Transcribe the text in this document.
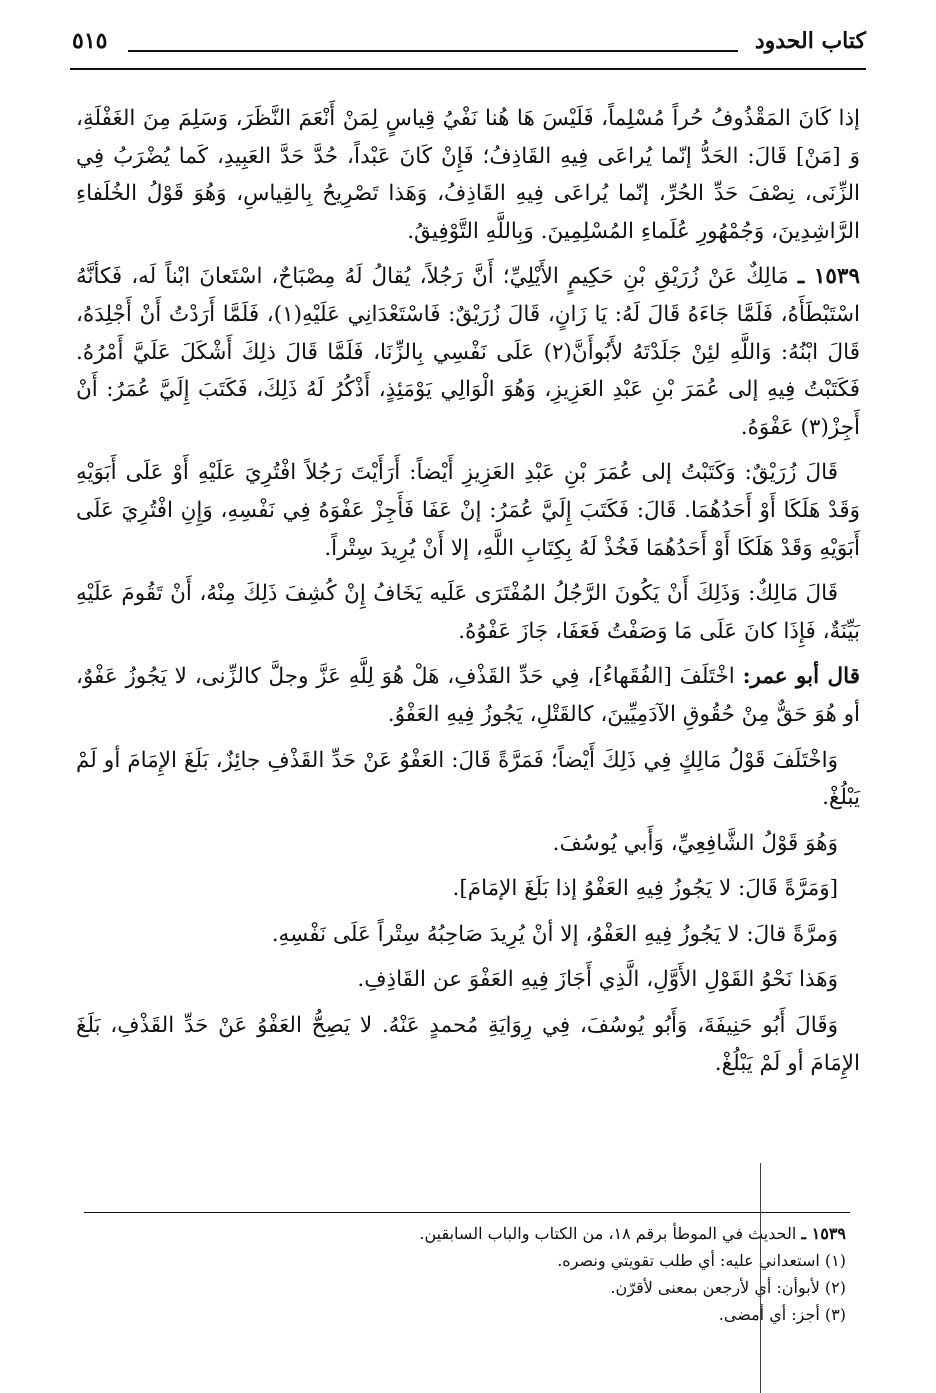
كتاب الحدود
٥١٥

إذا كَانَ المَقْذُوفُ حُراً مُسْلِماً، فَلَيْسَ هَا هُنا نَفْيُ قِياسٍ لِمَنْ أَنْعَمَ النَّظَرَ، وَسَلِمَ مِنَ الغَفْلَةِ، وَ [مَنْ] قَالَ: الحَدُّ إنّما يُراعَى فِيهِ القَاذِفُ؛ فَإِنْ كَانَ عَبْداً، حُدَّ حَدَّ العَبِيدِ، كَما يُضْرَبُ فِي الزِّنَى، نِصْفَ حَدِّ الحُرِّ، إنّما يُراعَى فِيهِ القَاذِفُ، وَهَذا تَصْرِيحُ بِالقِياسِ، وَهُوَ قَوْلُ الخُلَفاءِ الرَّاشِدِينَ، وَجُمْهُورِ عُلَماءِ المُسْلِمِينَ. وَبِاللَّهِ التَّوْفِيقُ.

١٥٣٩ ـ مَالِكٌ عَنْ زُرَيْقِ بْنِ حَكِيمٍ الأَيْلِيِّ؛ أَنَّ رَجُلاً، يُقالُ لَهُ مِصْبَاحٌ، اسْتَعانَ ابْناً لَه، فَكأنَّهُ اسْتَبْطَأَهُ، فَلَمَّا جَاءَهُ قَالَ لَهُ: يَا زَانٍ، قَالَ زُرَيْقٌ: فَاسْتَعْدَانِي عَلَيْهِ(١)، فَلَمَّا أَرَدْتُ أَنْ أَجْلِدَهُ، قَالَ ابْنُهُ: وَاللَّهِ لئِنْ جَلَدْتَهُ لأَبُوأَنَّ(٢) عَلَى نَفْسِي بِالزِّنَا، فَلَمَّا قَالَ ذلِكَ أَشْكَلَ عَلَيَّ أَمْرُهُ. فَكَتَبْتُ فِيهِ إلى عُمَرَ بْنِ عَبْدِ العَزِيزِ، وَهُوَ الْوَالِي يَوْمَئِذٍ، أَذْكُرُ لَهُ ذَلِكَ، فَكَتَبَ إِلَيَّ عُمَرُ: أَنْ أَجِزْ(٣) عَفْوَهُ.

قَالَ زُرَيْقٌ: وَكَتَبْتُ إلى عُمَرَ بْنِ عَبْدِ العَزِيزِ أَيْضاً: أَرَأَيْتَ رَجُلاً افْتُرِيَ عَلَيْهِ أَوْ عَلَى أَبَوَيْهِ وَقَدْ هَلَكَا أَوْ أَحَدُهُمَا. قَالَ: فَكَتَبَ إِلَيَّ عُمَرُ: إنْ عَفَا فَأَجِزْ عَفْوَهُ فِي نَفْسِهِ، وَإِنِ افْتُرِيَ عَلَى أَبَوَيْهِ وَقَدْ هَلَكَا أَوْ أَحَدُهُمَا فَخُذْ لَهُ بِكِتَابِ اللَّهِ، إلا أَنْ يُرِيدَ سِتْراً.

قَالَ مَالِكٌ: وَذَلِكَ أَنْ يَكُونَ الرَّجُلُ المُفْتَرَى عَلَيه يَخَافُ إِنْ كُشِفَ ذَلِكَ مِنْهُ، أَنْ تَقُومَ عَلَيْهِ بَيِّنَةٌ، فَإِذَا كانَ عَلَى مَا وَصَفْتُ فَعَفَا، جَازَ عَفْوُهُ.

قال أبو عمر: اخْتَلَفَ [الفُقَهاءُ]، فِي حَدِّ القَذْفِ، هَلْ هُوَ لِلَّهِ عَزَّ وجلَّ كالزِّنى، لا يَجُوزُ عَفْوٌ، أو هُوَ حَقٌّ مِنْ حُقُوقِ الآدَمِيِّينَ، كالقَتْلِ، يَجُوزُ فِيهِ العَفْوُ.

وَاخْتَلَفَ قَوْلُ مَالِكٍ فِي ذَلِكَ أَيْضاً؛ فَمَرَّةً قَالَ: العَفْوُ عَنْ حَدِّ القَذْفِ جائِزٌ، بَلَغَ الإِمَامَ أو لَمْ يَبْلُغْ.

وَهُوَ قَوْلُ الشَّافِعِيِّ، وَأَبي يُوسُفَ.

[وَمَرَّةً قَالَ: لا يَجُوزُ فِيهِ العَفْوُ إذا بَلَغَ الإمَامَ].

وَمرَّةً قالَ: لا يَجُوزُ فِيهِ العَفْوُ، إلا أنْ يُرِيدَ صَاحِبُهُ سِتْراً عَلَى نَفْسِهِ.

وَهَذا نَحْوُ القَوْلِ الأَوَّلِ، الَّذِي أَجَازَ فِيهِ العَفْوَ عن القَاذِفِ.

وَقَالَ أَبُو حَنِيفَةَ، وَأَبُو يُوسُفَ، فِي رِوَايَةِ مُحمدٍ عَنْهُ. لا يَصِحُّ العَفْوُ عَنْ حَدِّ القَذْفِ، بَلَغَ الإِمَامَ أو لَمْ يَبْلُغْ.

١٥٣٩ ـ الحديث في الموطأ برقم ١٨، من الكتاب والباب السابقين.
(١) استعداني عليه: أي طلب تقويتي ونصره.
(٢) لأبوأن: أي لأرجعن بمعنى لأقرّن.
(٣) أجز: أي أمضى.
